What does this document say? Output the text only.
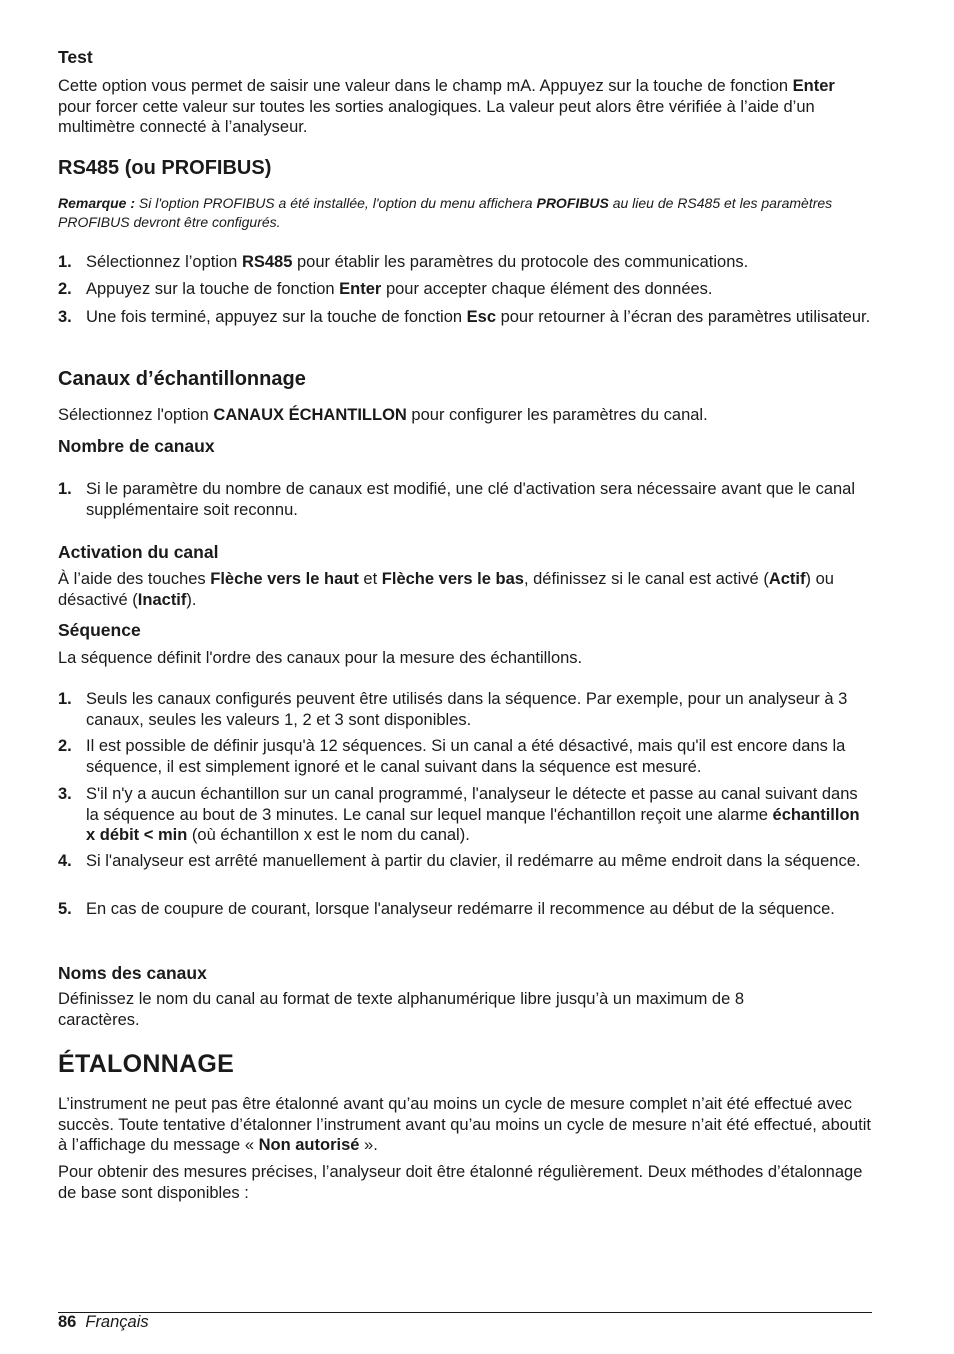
Test
Cette option vous permet de saisir une valeur dans le champ mA. Appuyez sur la touche de fonction Enter pour forcer cette valeur sur toutes les sorties analogiques. La valeur peut alors être vérifiée à l’aide d’un multimètre connecté à l’analyseur.
RS485 (ou PROFIBUS)
Remarque : Si l'option PROFIBUS a été installée, l'option du menu affichera PROFIBUS au lieu de RS485 et les paramètres PROFIBUS devront être configurés.
1. Sélectionnez l’option RS485 pour établir les paramètres du protocole des communications.
2. Appuyez sur la touche de fonction Enter pour accepter chaque élément des données.
3. Une fois terminé, appuyez sur la touche de fonction Esc pour retourner à l’écran des paramètres utilisateur.
Canaux d’échantillonnage
Sélectionnez l'option CANAUX ÉCHANTILLON pour configurer les paramètres du canal.
Nombre de canaux
1. Si le paramètre du nombre de canaux est modifié, une clé d'activation sera nécessaire avant que le canal supplémentaire soit reconnu.
Activation du canal
À l’aide des touches Flèche vers le haut et Flèche vers le bas, définissez si le canal est activé (Actif) ou désactivé (Inactif).
Séquence
La séquence définit l'ordre des canaux pour la mesure des échantillons.
1. Seuls les canaux configurés peuvent être utilisés dans la séquence. Par exemple, pour un analyseur à 3 canaux, seules les valeurs 1, 2 et 3 sont disponibles.
2. Il est possible de définir jusqu'à 12 séquences. Si un canal a été désactivé, mais qu'il est encore dans la séquence, il est simplement ignoré et le canal suivant dans la séquence est mesuré.
3. S'il n'y a aucun échantillon sur un canal programmé, l'analyseur le détecte et passe au canal suivant dans la séquence au bout de 3 minutes. Le canal sur lequel manque l'échantillon reçoit une alarme échantillon x débit < min (où échantillon x est le nom du canal).
4. Si l'analyseur est arrêté manuellement à partir du clavier, il redémarre au même endroit dans la séquence.
5. En cas de coupure de courant, lorsque l'analyseur redémarre il recommence au début de la séquence.
Noms des canaux
Définissez le nom du canal au format de texte alphanumérique libre jusqu’à un maximum de 8 caractères.
ÉTALONNAGE
L’instrument ne peut pas être étalonné avant qu’au moins un cycle de mesure complet n’ait été effectué avec succès. Toute tentative d’étalonner l’instrument avant qu’au moins un cycle de mesure n’ait été effectué, aboutit à l’affichage du message « Non autorisé ».
Pour obtenir des mesures précises, l’analyseur doit être étalonné régulièrement. Deux méthodes d’étalonnage de base sont disponibles :
86 Français
